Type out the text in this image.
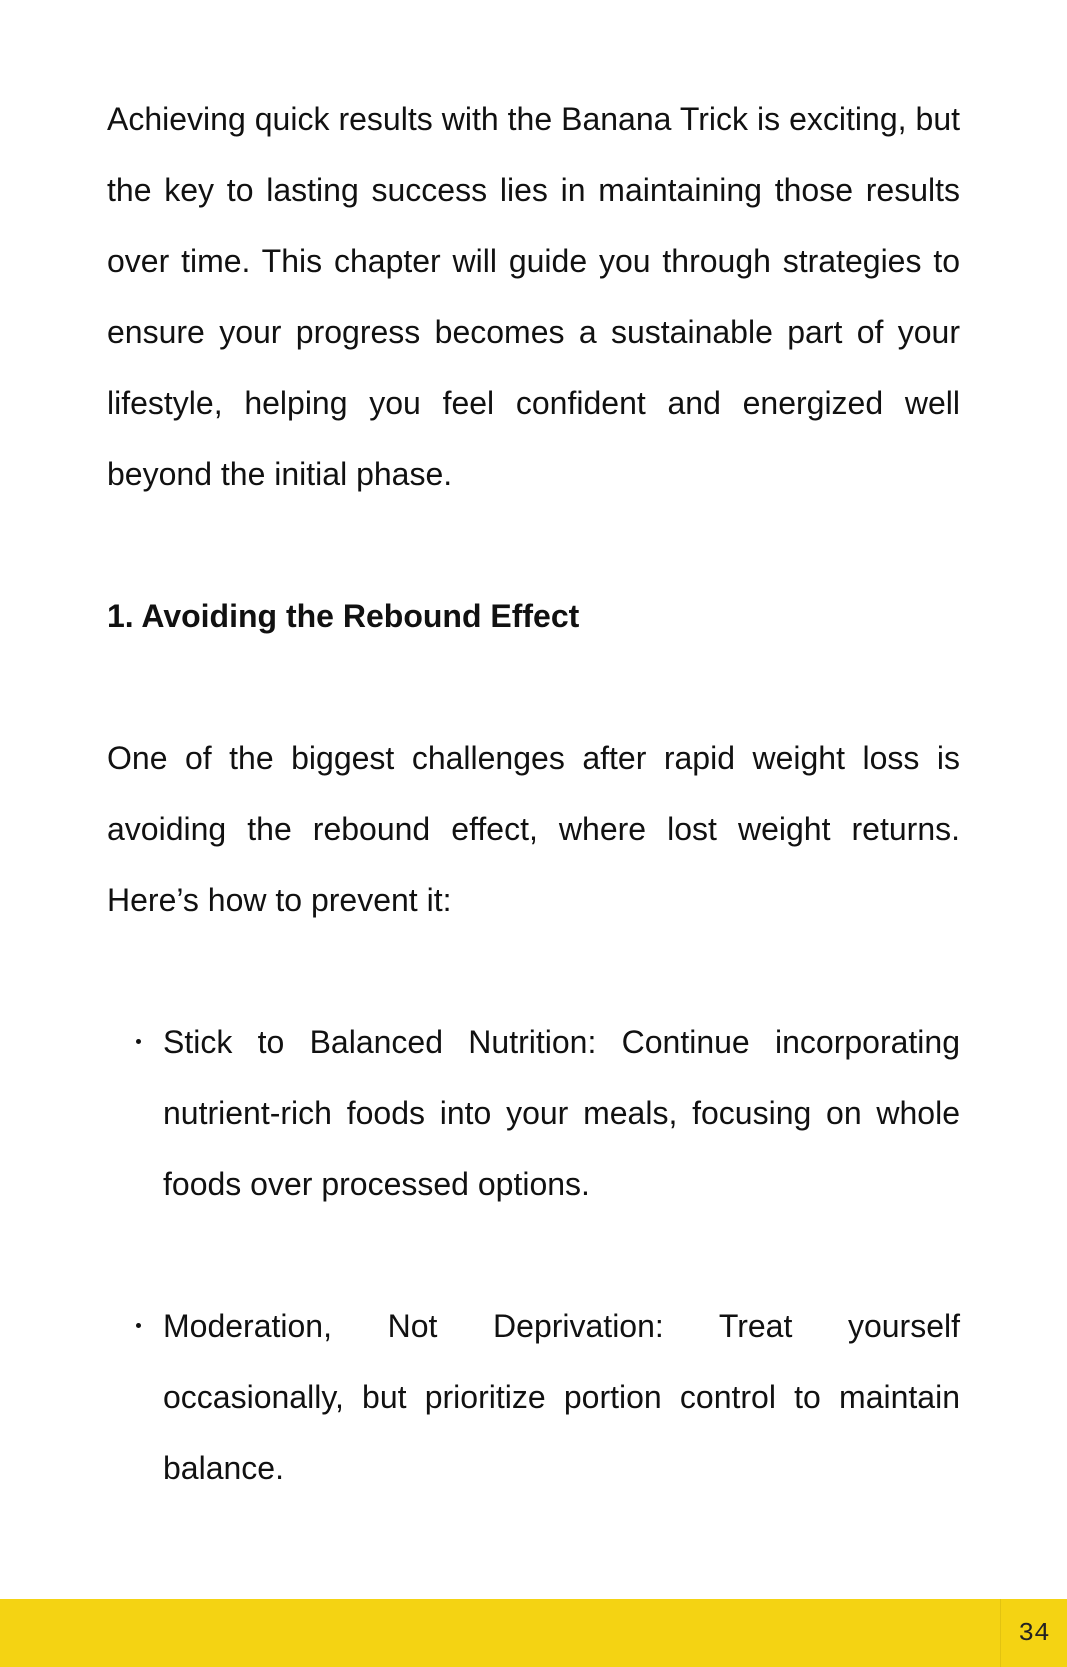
Achieving quick results with the Banana Trick is exciting, but the key to lasting success lies in maintaining those results over time. This chapter will guide you through strategies to ensure your progress becomes a sustainable part of your lifestyle, helping you feel confident and energized well beyond the initial phase.

1. Avoiding the Rebound Effect

One of the biggest challenges after rapid weight loss is avoiding the rebound effect, where lost weight returns. Here’s how to prevent it:

Stick to Balanced Nutrition: Continue incorporating nutrient-rich foods into your meals, focusing on whole foods over processed options.
Moderation, Not Deprivation: Treat yourself occasionally, but prioritize portion control to maintain balance.
34
